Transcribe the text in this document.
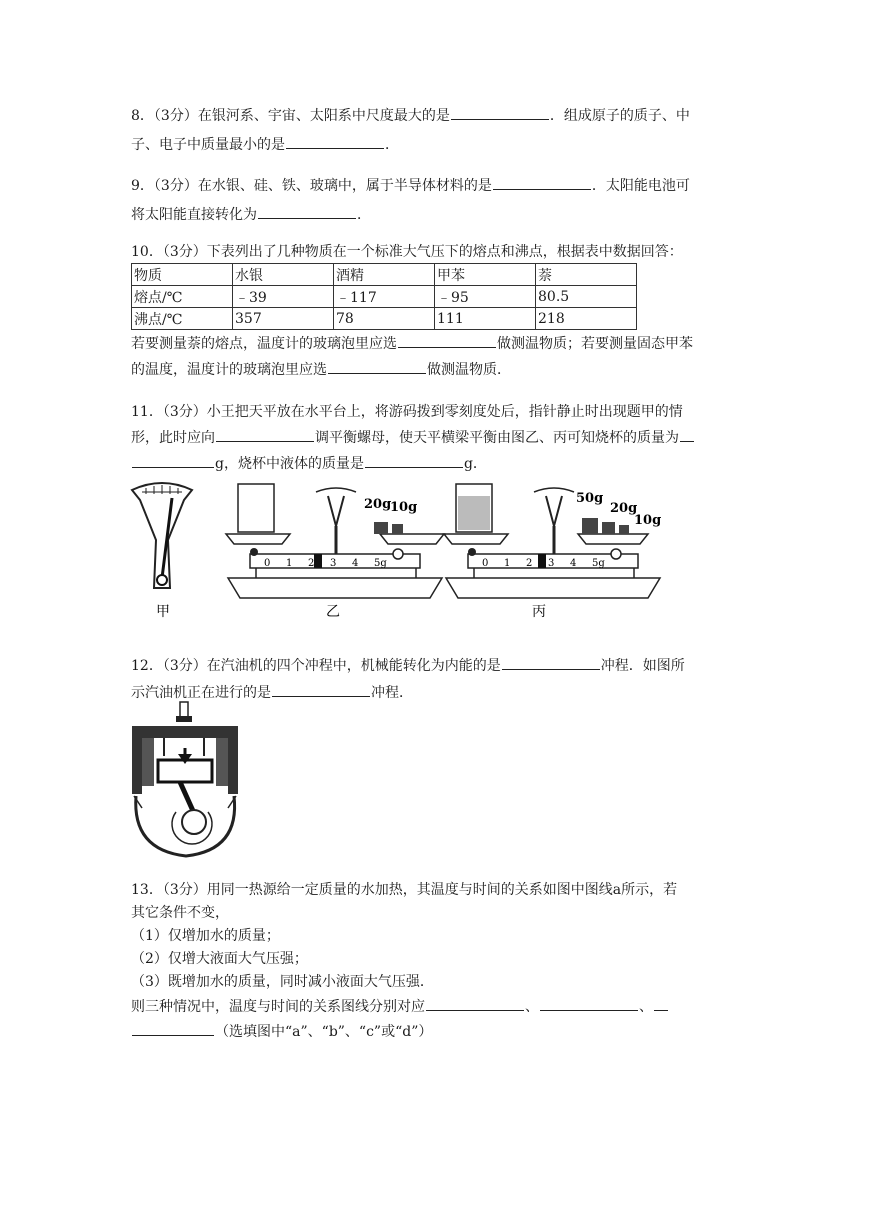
8．（3分）在银河系、宇宙、太阳系中尺度最大的是	．组成原子的质子、中
子、电子中质量最小的是	．
9．（3分）在水银、硅、铁、玻璃中，属于半导体材料的是	．太阳能电池可
将太阳能直接转化为	．
10．（3分）下表列出了几种物质在一个标准大气压下的熔点和沸点，根据表中数据回答：
物质	水银	酒精	甲苯	萘
熔点/℃	﹣39	﹣117	﹣95	80.5
沸点/℃	357	78	111	218
若要测量萘的熔点，温度计的玻璃泡里应选	做测温物质；若要测量固态甲苯
的温度，温度计的玻璃泡里应选	做测温物质．
11．（3分）小王把天平放在水平台上，将游码拨到零刻度处后，指针静止时出现题甲的情
形，此时应向	调平衡螺母，使天平横梁平衡由图乙、丙可知烧杯的质量为
g，烧杯中液体的质量是	g．
甲
20g
10g
0 1 2 3 4 5g
乙
50g
20g
10g
0 1 2 3 4 5g
丙
12．（3分）在汽油机的四个冲程中，机械能转化为内能的是	冲程．如图所
示汽油机正在进行的是	冲程．
13．（3分）用同一热源给一定质量的水加热，其温度与时间的关系如图中图线a所示，若
其它条件不变，
（1）仅增加水的质量；
（2）仅增大液面大气压强；
（3）既增加水的质量，同时减小液面大气压强．
则三种情况中，温度与时间的关系图线分别对应	、	、
（选填图中“a”、“b”、“c”或“d”）
